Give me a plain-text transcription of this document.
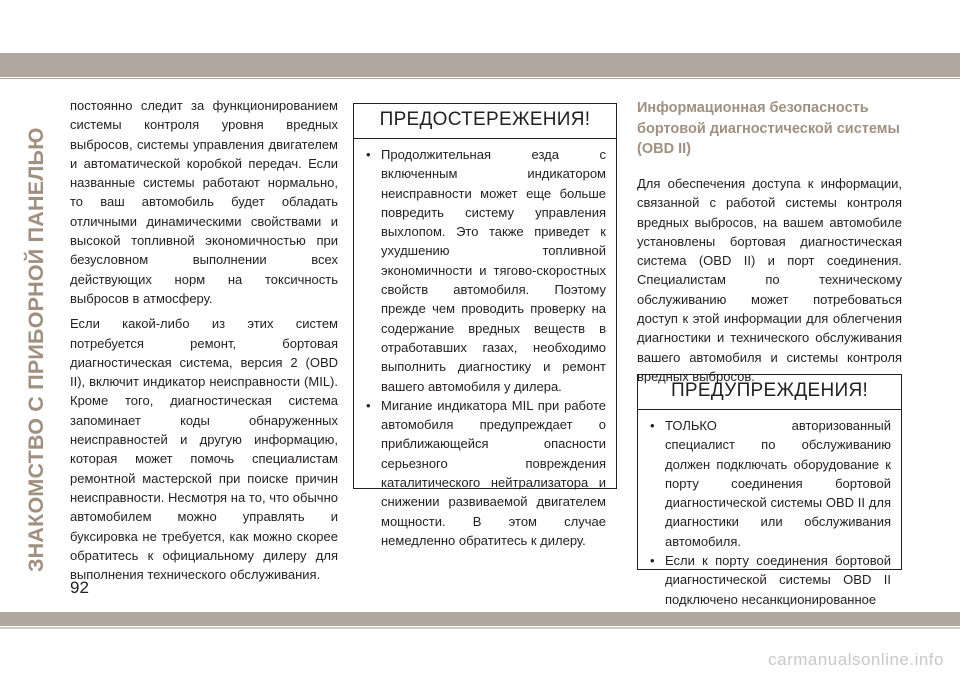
ЗНАКОМСТВО С ПРИБОРНОЙ ПАНЕЛЬЮ

постоянно следит за функционированием системы контроля уровня вредных выбросов, системы управления двигателем и автоматической коробкой передач. Если названные системы работают нормально, то ваш автомобиль будет обладать отличными динамическими свойствами и высокой топливной экономичностью при безусловном выполнении всех действующих норм на токсичность выбросов в атмосферу.

Если какой-либо из этих систем потребуется ремонт, бортовая диагностическая система, версия 2 (OBD II), включит индикатор неисправности (MIL). Кроме того, диагностическая система запоминает коды обнаруженных неисправностей и другую информацию, которая может помочь специалистам ремонтной мастерской при поиске причин неисправности. Несмотря на то, что обычно автомобилем можно управлять и буксировка не требуется, как можно скорее обратитесь к официальному дилеру для выполнения технического обслуживания.

ПРЕДОСТЕРЕЖЕНИЯ!
• Продолжительная езда с включенным индикатором неисправности может еще больше повредить систему управления выхлопом. Это также приведет к ухудшению топливной экономичности и тягово-скоростных свойств автомобиля. Поэтому прежде чем проводить проверку на содержание вредных веществ в отработавших газах, необходимо выполнить диагностику и ремонт вашего автомобиля у дилера.
• Мигание индикатора MIL при работе автомобиля предупреждает о приближающейся опасности серьезного повреждения каталитического нейтрализатора и снижении развиваемой двигателем мощности. В этом случае немедленно обратитесь к дилеру.
Информационная безопасность бортовой диагностической системы (OBD II)

Для обеспечения доступа к информации, связанной с работой системы контроля вредных выбросов, на вашем автомобиле установлены бортовая диагностическая система (OBD II) и порт соединения. Специалистам по техническому обслуживанию может потребоваться доступ к этой информации для облегчения диагностики и технического обслуживания вашего автомобиля и системы контроля вредных выбросов.

ПРЕДУПРЕЖДЕНИЯ!
• ТОЛЬКО авторизованный специалист по обслуживанию должен подключать оборудование к порту соединения бортовой диагностической системы OBD II для диагностики или обслуживания автомобиля.
• Если к порту соединения бортовой диагностической системы OBD II подключено несанкционированное
92
carmanualsonline.info
